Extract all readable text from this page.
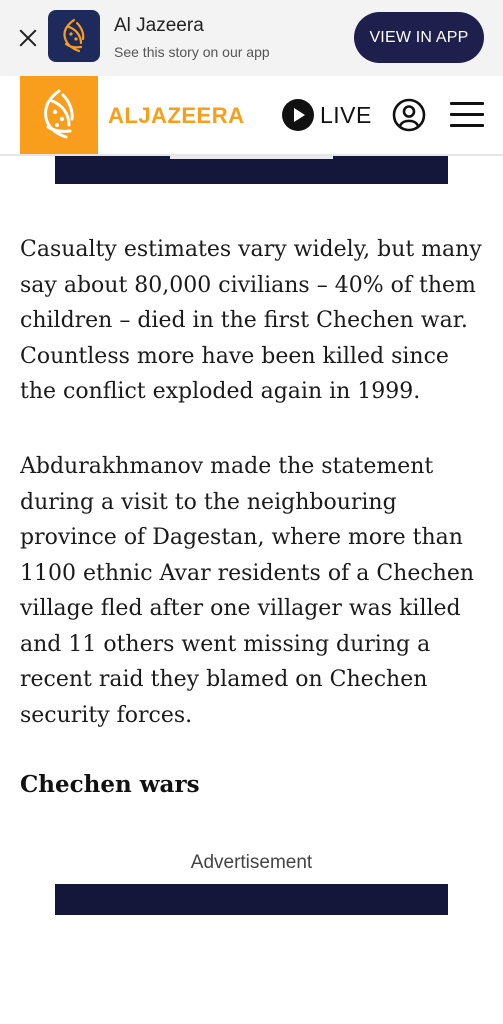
Al Jazeera
See this story on our app
VIEW IN APP
ALJAZEERA	LIVE

Casualty estimates vary widely, but many say about 80,000 civilians – 40% of them children – died in the first Chechen war. Countless more have been killed since the conflict exploded again in 1999.

Abdurakhmanov made the statement during a visit to the neighbouring province of Dagestan, where more than 1100 ethnic Avar residents of a Chechen village fled after one villager was killed and 11 others went missing during a recent raid they blamed on Chechen security forces.

Chechen wars
Advertisement
